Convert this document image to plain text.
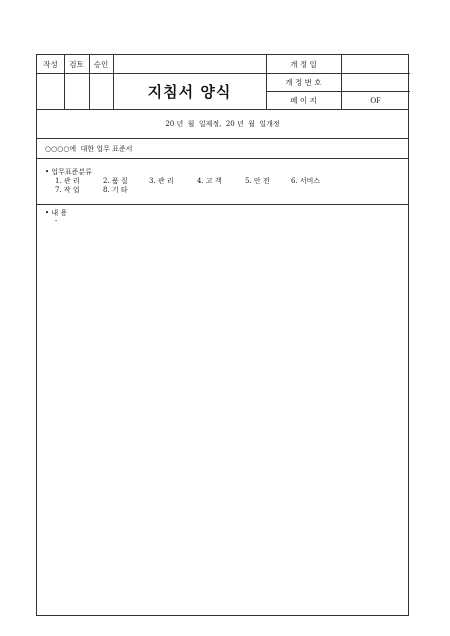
작성	검토	승인
지침서 양식
개 정 일
개 정 번 호
페 이 지	OF
20 년  월  일제정,  20 년  월  일개정
○○○○에  대한 업무 표준서
• 업무표준분류
1. 관 리	2. 품 질	3. 관 리	4. 고 객	5. 안 전	6. 서비스
7. 작 업	8. 기 타
• 내 용
-
